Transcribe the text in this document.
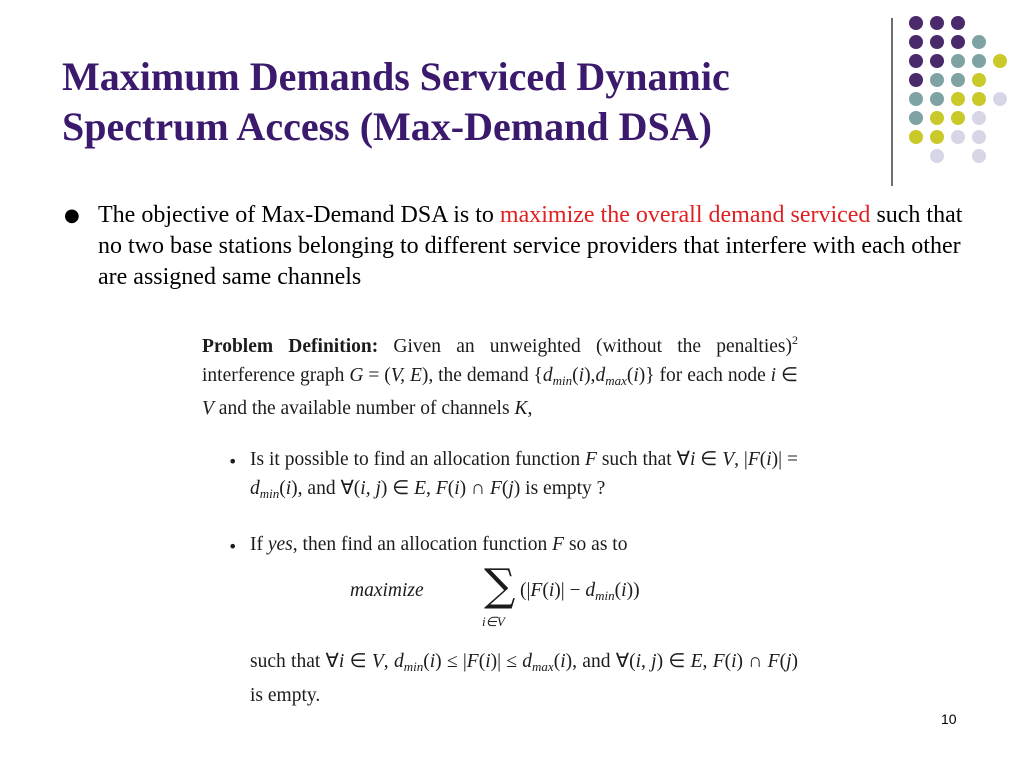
Maximum Demands Serviced Dynamic
Spectrum Access (Max-Demand DSA)
● The objective of Max-Demand DSA is to maximize the overall demand serviced such that no two base stations belonging to different service providers that interfere with each other are assigned same channels
Problem Definition: Given an unweighted (without the penalties)$^2$ interference graph G = (V, E), the demand $\{d_{min}(i),d_{max}(i)\}$ for each node i ∈ V and the available number of channels K,
• Is it possible to find an allocation function F such that ∀i ∈ V, $|F(i)| = d_{min}(i)$, and ∀(i, j) ∈ E, F(i) ∩ F(j) is empty ?
• If yes, then find an allocation function F so as to
maximize ∑
i∈V
$(|F(i)| - d_{min}(i))$
such that ∀i ∈ V, $d_{min}(i) \le |F(i)| \le d_{max}(i)$, and ∀(i, j) ∈ E, F(i) ∩ F(j) is empty.
10
